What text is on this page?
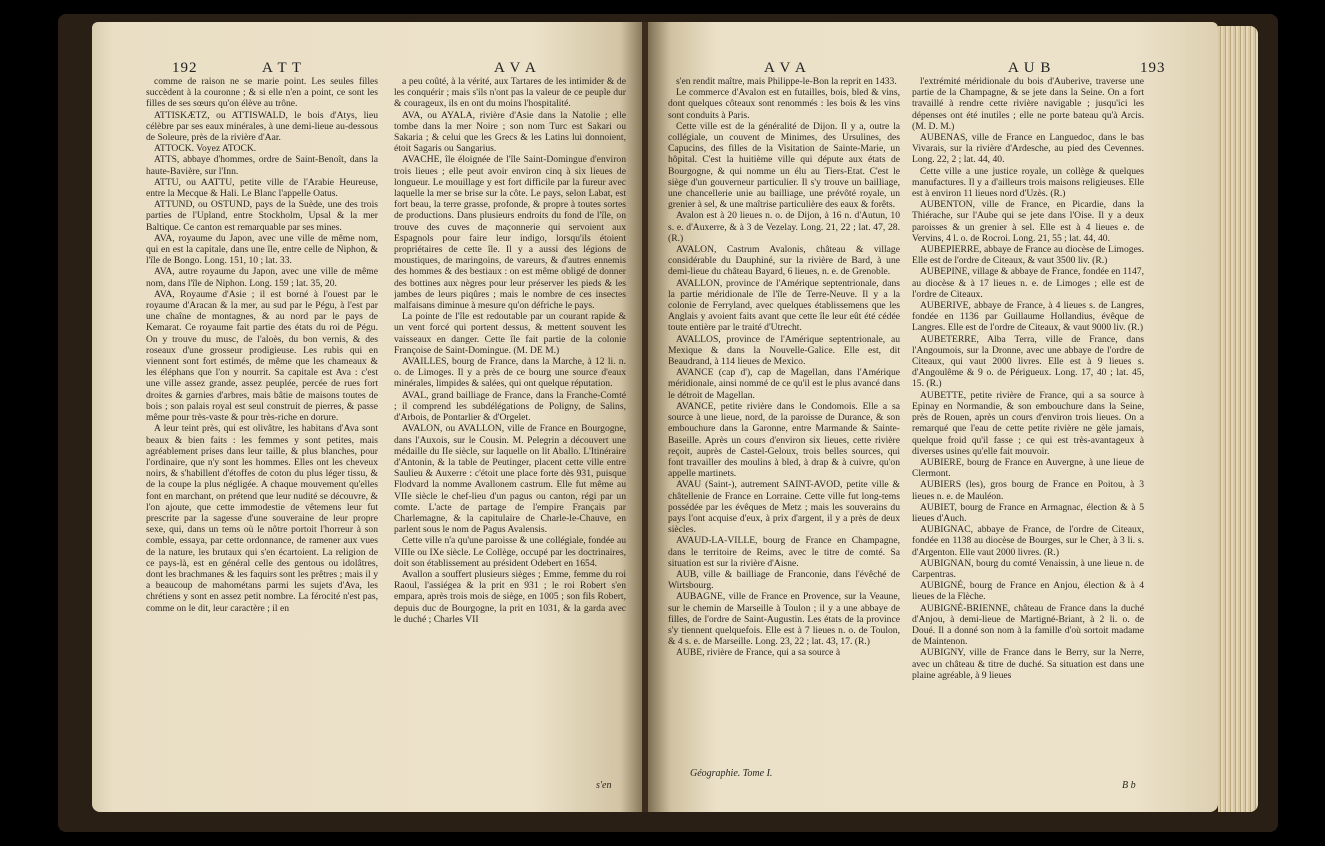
192	A T T	A V A

comme de raison ne se marie point. Les seules filles succèdent à la couronne ; & si elle n'en a point, ce sont les filles de ses sœurs qu'on élève au trône.

ATTISKÆTZ, ou ATTISWALD, le bois d'Atys, lieu célèbre par ses eaux minérales, à une demi-lieue au-dessous de Soleure, près de la rivière d'Aar.

ATTOCK. Voyez ATOCK.

ATTS, abbaye d'hommes, ordre de Saint-Benoît, dans la haute-Bavière, sur l'Inn.

ATTU, ou AATTU, petite ville de l'Arabie Heureuse, entre la Mecque & Hali. Le Blanc l'appelle Oatus.

ATTUND, ou OSTUND, pays de la Suède, une des trois parties de l'Upland, entre Stockholm, Upsal & la mer Baltique. Ce canton est remarquable par ses mines.

AVA, royaume du Japon, avec une ville de même nom, qui en est la capitale, dans une île, entre celle de Niphon, & l'île de Bongo. Long. 151, 10 ; lat. 33.

AVA, autre royaume du Japon, avec une ville de même nom, dans l'île de Niphon. Long. 159 ; lat. 35, 20.

AVA, Royaume d'Asie ; il est borné à l'ouest par le royaume d'Aracan & la mer, au sud par le Pégu, à l'est par une chaîne de montagnes, & au nord par le pays de Kemarat. Ce royaume fait partie des états du roi de Pégu. On y trouve du musc, de l'aloès, du bon vernis, & des roseaux d'une grosseur prodigieuse. Les rubis qui en viennent sont fort estimés, de même que les chameaux & les éléphans que l'on y nourrit. Sa capitale est Ava : c'est une ville assez grande, assez peuplée, percée de rues fort droites & garnies d'arbres, mais bâtie de maisons toutes de bois ; son palais royal est seul construit de pierres, & passe même pour très-vaste & pour très-riche en dorure.

A leur teint près, qui est olivâtre, les habitans d'Ava sont beaux & bien faits : les femmes y sont petites, mais agréablement prises dans leur taille, & plus blanches, pour l'ordinaire, que n'y sont les hommes. Elles ont les cheveux noirs, & s'habillent d'étoffes de coton du plus léger tissu, & de la coupe la plus négligée. A chaque mouvement qu'elles font en marchant, on prétend que leur nudité se découvre, & l'on ajoute, que cette immodestie de vêtemens leur fut prescrite par la sagesse d'une souveraine de leur propre sexe, qui, dans un tems où le nôtre portoit l'horreur à son comble, essaya, par cette ordonnance, de ramener aux vues de la nature, les brutaux qui s'en écartoient. La religion de ce pays-là, est en général celle des gentous ou idolâtres, dont les brachmanes & les faquirs sont les prêtres ; mais il y a beaucoup de mahométans parmi les sujets d'Ava, les chrétiens y sont en assez petit nombre. La férocité n'est pas, comme on le dit, leur caractère ; il en

a peu coûté, à la vérité, aux Tartares de les intimider & de les conquérir ; mais s'ils n'ont pas la valeur de ce peuple dur & courageux, ils en ont du moins l'hospitalité.

AVA, ou AYALA, rivière d'Asie dans la Natolie ; elle tombe dans la mer Noire ; son nom Turc est Sakari ou Sakaria ; & celui que les Grecs & les Latins lui donnoient, étoit Sagaris ou Sangarius.

AVACHE, île éloignée de l'île Saint-Domingue d'environ trois lieues ; elle peut avoir environ cinq à six lieues de longueur. Le mouillage y est fort difficile par la fureur avec laquelle la mer se brise sur la côte. Le pays, selon Labat, est fort beau, la terre grasse, profonde, & propre à toutes sortes de productions. Dans plusieurs endroits du fond de l'île, on trouve des cuves de maçonnerie qui servoient aux Espagnols pour faire leur indigo, lorsqu'ils étoient propriétaires de cette île. Il y a aussi des légions de moustiques, de maringoins, de vareurs, & d'autres ennemis des hommes & des bestiaux : on est même obligé de donner des bottines aux nègres pour leur préserver les pieds & les jambes de leurs piqûres ; mais le nombre de ces insectes malfaisans diminue à mesure qu'on défriche le pays.

La pointe de l'île est redoutable par un courant rapide & un vent forcé qui portent dessus, & mettent souvent les vaisseaux en danger. Cette île fait partie de la colonie Françoise de Saint-Domingue. (M. DE M.)

AVAILLES, bourg de France, dans la Marche, à 12 li. n. o. de Limoges. Il y a près de ce bourg une source d'eaux minérales, limpides & salées, qui ont quelque réputation.

AVAL, grand bailliage de France, dans la Franche-Comté ; il comprend les subdélégations de Poligny, de Salins, d'Arbois, de Pontarlier & d'Orgelet.

AVALON, ou AVALLON, ville de France en Bourgogne, dans l'Auxois, sur le Cousin. M. Pelegrin a découvert une médaille du IIe siècle, sur laquelle on lit Aballo. L'Itinéraire d'Antonin, & la table de Peutinger, placent cette ville entre Saulieu & Auxerre : c'étoit une place forte dès 931, puisque Flodvard la nomme Avallonem castrum. Elle fut même au VIIe siècle le chef-lieu d'un pagus ou canton, régi par un comte. L'acte de partage de l'empire Français par Charlemagne, & la capitulaire de Charle-le-Chauve, en parlent sous le nom de Pagus Avalensis.

Cette ville n'a qu'une paroisse & une collégiale, fondée au VIIIe ou IXe siècle. Le Collège, occupé par les doctrinaires, doit son établissement au président Odebert en 1654.

Avallon a souffert plusieurs sièges ; Emme, femme du roi Raoul, l'assiégea & la prit en 931 ; le roi Robert s'en empara, après trois mois de siège, en 1005 ; son fils Robert, depuis duc de Bourgogne, la prit en 1031, & la garda avec le duché ; Charles VII

s'en
A V A	A U B	193

s'en rendit maître, mais Philippe-le-Bon la reprit en 1433.

Le commerce d'Avalon est en futailles, bois, bled & vins, dont quelques côteaux sont renommés : les bois & les vins sont conduits à Paris.

Cette ville est de la généralité de Dijon. Il y a, outre la collégiale, un couvent de Minimes, des Ursulines, des Capucins, des filles de la Visitation de Sainte-Marie, un hôpital. C'est la huitième ville qui députe aux états de Bourgogne, & qui nomme un élu au Tiers-Etat. C'est le siège d'un gouverneur particulier. Il s'y trouve un bailliage, une chancellerie unie au bailliage, une prévôté royale, un grenier à sel, & une maîtrise particulière des eaux & forêts.

Avalon est à 20 lieues n. o. de Dijon, à 16 n. d'Autun, 10 s. e. d'Auxerre, & à 3 de Vezelay. Long. 21, 22 ; lat. 47, 28. (R.)

AVALON, Castrum Avalonis, château & village considérable du Dauphiné, sur la rivière de Bard, à une demi-lieue du château Bayard, 6 lieues, n. e. de Grenoble.

AVALLON, province de l'Amérique septentrionale, dans la partie méridionale de l'île de Terre-Neuve. Il y a la colonie de Ferryland, avec quelques établissemens que les Anglais y avoient faits avant que cette île leur eût été cédée toute entière par le traité d'Utrecht.

AVALLOS, province de l'Amérique septentrionale, au Mexique & dans la Nouvelle-Galice. Elle est, dit Beaudrand, à 114 lieues de Mexico.

AVANCE (cap d'), cap de Magellan, dans l'Amérique méridionale, ainsi nommé de ce qu'il est le plus avancé dans le détroit de Magellan.

AVANCE, petite rivière dans le Condomois. Elle a sa source à une lieue, nord, de la paroisse de Durance, & son embouchure dans la Garonne, entre Marmande & Sainte-Baseille. Après un cours d'environ six lieues, cette rivière reçoit, auprès de Castel-Geloux, trois belles sources, qui font travailler des moulins à bled, à drap & à cuivre, qu'on appelle martinets.

AVAU (Saint-), autrement SAINT-AVOD, petite ville & châtellenie de France en Lorraine. Cette ville fut long-tems possédée par les évêques de Metz ; mais les souverains du pays l'ont acquise d'eux, à prix d'argent, il y a près de deux siècles.

AVAUD-LA-VILLE, bourg de France en Champagne, dans le territoire de Reims, avec le titre de comté. Sa situation est sur la rivière d'Aisne.

AUB, ville & bailliage de Franconie, dans l'évêché de Wirtsbourg.

AUBAGNE, ville de France en Provence, sur la Veaune, sur le chemin de Marseille à Toulon ; il y a une abbaye de filles, de l'ordre de Saint-Augustin. Les états de la province s'y tiennent quelquefois. Elle est à 7 lieues n. o. de Toulon, & 4 s. e. de Marseille. Long. 23, 22 ; lat. 43, 17. (R.)

AUBE, rivière de France, qui a sa source à

l'extrémité méridionale du bois d'Auberive, traverse une partie de la Champagne, & se jete dans la Seine. On a fort travaillé à rendre cette rivière navigable ; jusqu'ici les dépenses ont été inutiles ; elle ne porte bateau qu'à Arcis. (M. D. M.)

AUBENAS, ville de France en Languedoc, dans le bas Vivarais, sur la rivière d'Ardesche, au pied des Cevennes. Long. 22, 2 ; lat. 44, 40.

Cette ville a une justice royale, un collège & quelques manufactures. Il y a d'ailleurs trois maisons religieuses. Elle est à environ 11 lieues nord d'Uzès. (R.)

AUBENTON, ville de France, en Picardie, dans la Thiérache, sur l'Aube qui se jete dans l'Oise. Il y a deux paroisses & un grenier à sel. Elle est à 4 lieues e. de Vervins, 4 l. o. de Rocroi. Long. 21, 55 ; lat. 44, 40.

AUBEPIERRE, abbaye de France au diocèse de Limoges. Elle est de l'ordre de Citeaux, & vaut 3500 liv. (R.)

AUBEPINE, village & abbaye de France, fondée en 1147, au diocèse & à 17 lieues n. e. de Limoges ; elle est de l'ordre de Citeaux.

AUBERIVE, abbaye de France, à 4 lieues s. de Langres, fondée en 1136 par Guillaume Hollandius, évêque de Langres. Elle est de l'ordre de Citeaux, & vaut 9000 liv. (R.)

AUBETERRE, Alba Terra, ville de France, dans l'Angoumois, sur la Dronne, avec une abbaye de l'ordre de Citeaux, qui vaut 2000 livres. Elle est à 9 lieues s. d'Angoulême & 9 o. de Périgueux. Long. 17, 40 ; lat. 45, 15. (R.)

AUBETTE, petite rivière de France, qui a sa source à Epinay en Normandie, & son embouchure dans la Seine, près de Rouen, après un cours d'environ trois lieues. On a remarqué que l'eau de cette petite rivière ne gèle jamais, quelque froid qu'il fasse ; ce qui est très-avantageux à diverses usines qu'elle fait mouvoir.

AUBIERE, bourg de France en Auvergne, à une lieue de Clermont.

AUBIERS (les), gros bourg de France en Poitou, à 3 lieues n. e. de Mauléon.

AUBIET, bourg de France en Armagnac, élection & à 5 lieues d'Auch.

AUBIGNAC, abbaye de France, de l'ordre de Citeaux, fondée en 1138 au diocèse de Bourges, sur le Cher, à 3 li. s. d'Argenton. Elle vaut 2000 livres. (R.)

AUBIGNAN, bourg du comté Venaissin, à une lieue n. de Carpentras.

AUBIGNÉ, bourg de France en Anjou, élection & à 4 lieues de la Flèche.

AUBIGNÉ-BRIENNE, château de France dans la duché d'Anjou, à demi-lieue de Martigné-Briant, à 2 li. o. de Doué. Il a donné son nom à la famille d'où sortoit madame de Maintenon.

AUBIGNY, ville de France dans le Berry, sur la Nerre, avec un château & titre de duché. Sa situation est dans une plaine agréable, à 9 lieues

Géographie. Tome I.
B b
